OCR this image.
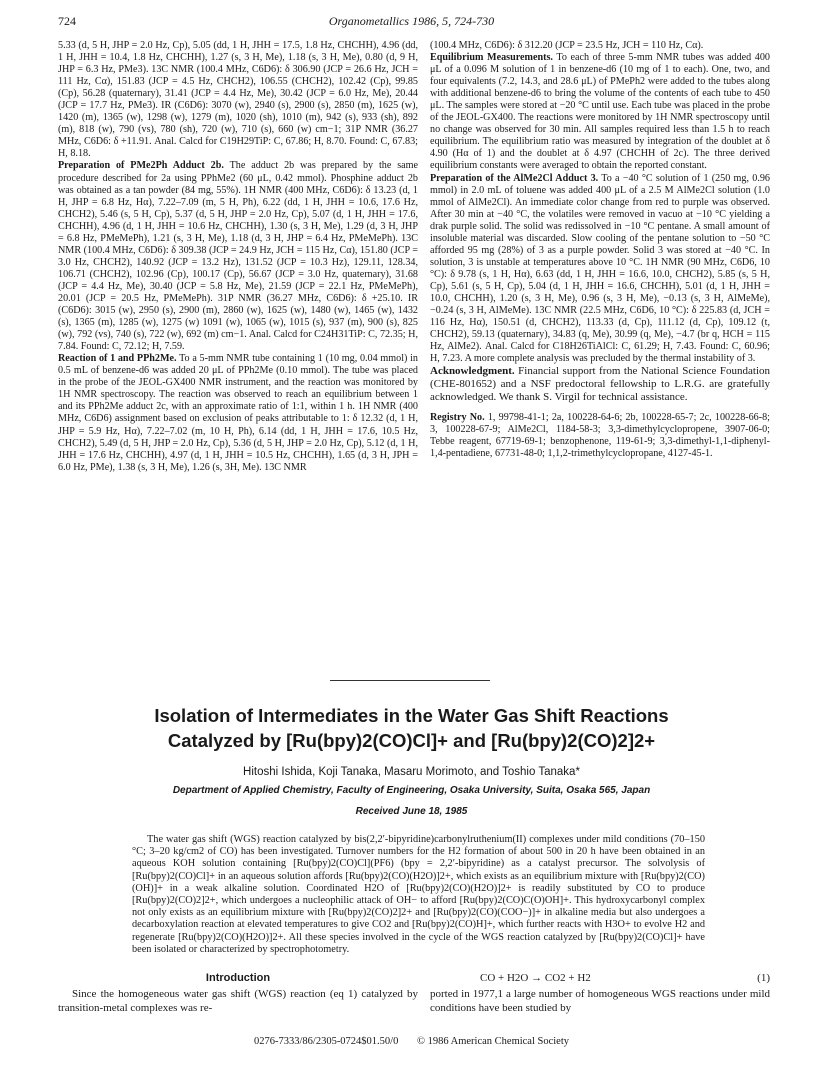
724	Organometallics 1986, 5, 724-730

5.33 (d, 5 H, JHP = 2.0 Hz, Cp), 5.05 (dd, 1 H, JHH = 17.5, 1.8 Hz, CHCHH), 4.96 (dd, 1 H, JHH = 10.4, 1.8 Hz, CHCHH), 1.27 (s, 3 H, Me), 1.18 (s, 3 H, Me), 0.80 (d, 9 H, JHP = 6.3 Hz, PMe3). 13C NMR (100.4 MHz, C6D6): δ 306.90 (JCP = 26.6 Hz, JCH = 111 Hz, Cα), 151.83 (JCP = 4.5 Hz, CHCH2), 106.55 (CHCH2), 102.42 (Cp), 99.85 (Cp), 56.28 (quaternary), 31.41 (JCP = 4.4 Hz, Me), 30.42 (JCP = 6.0 Hz, Me), 20.44 (JCP = 17.7 Hz, PMe3). IR (C6D6): 3070 (w), 2940 (s), 2900 (s), 2850 (m), 1625 (w), 1420 (m), 1365 (w), 1298 (w), 1279 (m), 1020 (sh), 1010 (m), 942 (s), 933 (sh), 892 (m), 818 (w), 790 (vs), 780 (sh), 720 (w), 710 (s), 660 (w) cm−1; 31P NMR (36.27 MHz, C6D6: δ +11.91. Anal. Calcd for C19H29TiP: C, 67.86; H, 8.70. Found: C, 67.83; H, 8.18.

Preparation of PMe2Ph Adduct 2b. The adduct 2b was prepared by the same procedure described for 2a using PPhMe2 (60 μL, 0.42 mmol). Phosphine adduct 2b was obtained as a tan powder (84 mg, 55%). 1H NMR (400 MHz, C6D6): δ 13.23 (d, 1 H, JHP = 6.8 Hz, Hα), 7.22–7.09 (m, 5 H, Ph), 6.22 (dd, 1 H, JHH = 10.6, 17.6 Hz, CHCH2), 5.46 (s, 5 H, Cp), 5.37 (d, 5 H, JHP = 2.0 Hz, Cp), 5.07 (d, 1 H, JHH = 17.6, CHCHH), 4.96 (d, 1 H, JHH = 10.6 Hz, CHCHH), 1.30 (s, 3 H, Me), 1.29 (d, 3 H, JHP = 6.8 Hz, PMeMePh), 1.21 (s, 3 H, Me), 1.18 (d, 3 H, JHP = 6.4 Hz, PMeMePh). 13C NMR (100.4 MHz, C6D6): δ 309.38 (JCP = 24.9 Hz, JCH = 115 Hz, Cα), 151.80 (JCP = 3.0 Hz, CHCH2), 140.92 (JCP = 13.2 Hz), 131.52 (JCP = 10.3 Hz), 129.11, 128.34, 106.71 (CHCH2), 102.96 (Cp), 100.17 (Cp), 56.67 (JCP = 3.0 Hz, quaternary), 31.68 (JCP = 4.4 Hz, Me), 30.40 (JCP = 5.8 Hz, Me), 21.59 (JCP = 22.1 Hz, PMeMePh), 20.01 (JCP = 20.5 Hz, PMeMePh). 31P NMR (36.27 MHz, C6D6): δ +25.10. IR (C6D6): 3015 (w), 2950 (s), 2900 (m), 2860 (w), 1625 (w), 1480 (w), 1465 (w), 1432 (s), 1365 (m), 1285 (w), 1275 (w) 1091 (w), 1065 (w), 1015 (s), 937 (m), 900 (s), 825 (w), 792 (vs), 740 (s), 722 (w), 692 (m) cm−1. Anal. Calcd for C24H31TiP: C, 72.35; H, 7.84. Found: C, 72.12; H, 7.59.

Reaction of 1 and PPh2Me. To a 5-mm NMR tube containing 1 (10 mg, 0.04 mmol) in 0.5 mL of benzene-d6 was added 20 μL of PPh2Me (0.10 mmol). The tube was placed in the probe of the JEOL-GX400 NMR instrument, and the reaction was monitored by 1H NMR spectroscopy. The reaction was observed to reach an equilibrium between 1 and its PPh2Me adduct 2c, with an approximate ratio of 1:1, within 1 h. 1H NMR (400 MHz, C6D6) assignment based on exclusion of peaks attributable to 1: δ 12.32 (d, 1 H, JHP = 5.9 Hz, Hα), 7.22–7.02 (m, 10 H, Ph), 6.14 (dd, 1 H, JHH = 17.6, 10.5 Hz, CHCH2), 5.49 (d, 5 H, JHP = 2.0 Hz, Cp), 5.36 (d, 5 H, JHP = 2.0 Hz, Cp), 5.12 (d, 1 H, JHH = 17.6 Hz, CHCHH), 4.97 (d, 1 H, JHH = 10.5 Hz, CHCHH), 1.65 (d, 3 H, JPH = 6.0 Hz, PMe), 1.38 (s, 3 H, Me), 1.26 (s, 3H, Me). 13C NMR

(100.4 MHz, C6D6): δ 312.20 (JCP = 23.5 Hz, JCH = 110 Hz, Cα).

Equilibrium Measurements. To each of three 5-mm NMR tubes was added 400 μL of a 0.096 M solution of 1 in benzene-d6 (10 mg of 1 to each). One, two, and four equivalents (7.2, 14.3, and 28.6 μL) of PMePh2 were added to the tubes along with additional benzene-d6 to bring the volume of the contents of each tube to 450 μL. The samples were stored at −20 °C until use. Each tube was placed in the probe of the JEOL-GX400. The reactions were monitored by 1H NMR spectroscopy until no change was observed for 30 min. All samples required less than 1.5 h to reach equilibrium. The equilibrium ratio was measured by integration of the doublet at δ 4.90 (Hα of 1) and the doublet at δ 4.97 (CHCHH of 2c). The three derived equilibrium constants were averaged to obtain the reported constant.

Preparation of the AlMe2Cl Adduct 3. To a −40 °C solution of 1 (250 mg, 0.96 mmol) in 2.0 mL of toluene was added 400 μL of a 2.5 M AlMe2Cl solution (1.0 mmol of AlMe2Cl). An immediate color change from red to purple was observed. After 30 min at −40 °C, the volatiles were removed in vacuo at −10 °C yielding a drak purple solid. The solid was redissolved in −10 °C pentane. A small amount of insoluble material was discarded. Slow cooling of the pentane solution to −50 °C afforded 95 mg (28%) of 3 as a purple powder. Solid 3 was stored at −40 °C. In solution, 3 is unstable at temperatures above 10 °C. 1H NMR (90 MHz, C6D6, 10 °C): δ 9.78 (s, 1 H, Hα), 6.63 (dd, 1 H, JHH = 16.6, 10.0, CHCH2), 5.85 (s, 5 H, Cp), 5.61 (s, 5 H, Cp), 5.04 (d, 1 H, JHH = 16.6, CHCHH), 5.01 (d, 1 H, JHH = 10.0, CHCHH), 1.20 (s, 3 H, Me), 0.96 (s, 3 H, Me), −0.13 (s, 3 H, AlMeMe), −0.24 (s, 3 H, AlMeMe). 13C NMR (22.5 MHz, C6D6, 10 °C): δ 225.83 (d, JCH = 116 Hz, Hα), 150.51 (d, CHCH2), 113.33 (d, Cp), 111.12 (d, Cp), 109.12 (t, CHCH2), 59.13 (quaternary), 34.83 (q, Me), 30.99 (q, Me), −4.7 (br q, HCH = 115 Hz, AlMe2). Anal. Calcd for C18H26TiAlCl: C, 61.29; H, 7.43. Found: C, 60.96; H, 7.23. A more complete analysis was precluded by the thermal instability of 3.

Acknowledgment. Financial support from the National Science Foundation (CHE-801652) and a NSF predoctoral fellowship to L.R.G. are gratefully acknowledged. We thank S. Virgil for technical assistance.

Registry No. 1, 99798-41-1; 2a, 100228-64-6; 2b, 100228-65-7; 2c, 100228-66-8; 3, 100228-67-9; AlMe2Cl, 1184-58-3; 3,3-dimethylcyclopropene, 3907-06-0; Tebbe reagent, 67719-69-1; benzophenone, 119-61-9; 3,3-dimethyl-1,1-diphenyl-1,4-pentadiene, 67731-48-0; 1,1,2-trimethylcyclopropane, 4127-45-1.

Isolation of Intermediates in the Water Gas Shift Reactions
Catalyzed by [Ru(bpy)2(CO)Cl]+ and [Ru(bpy)2(CO)2]2+
Hitoshi Ishida, Koji Tanaka, Masaru Morimoto, and Toshio Tanaka*
Department of Applied Chemistry, Faculty of Engineering, Osaka University, Suita, Osaka 565, Japan
Received June 18, 1985
The water gas shift (WGS) reaction catalyzed by bis(2,2′-bipyridine)carbonylruthenium(II) complexes under mild conditions (70–150 °C; 3–20 kg/cm2 of CO) has been investigated. Turnover numbers for the H2 formation of about 500 in 20 h have been obtained in an aqueous KOH solution containing [Ru(bpy)2(CO)Cl](PF6) (bpy = 2,2′-bipyridine) as a catalyst precursor. The solvolysis of [Ru(bpy)2(CO)Cl]+ in an aqueous solution affords [Ru(bpy)2(CO)(H2O)]2+, which exists as an equilibrium mixture with [Ru(bpy)2(CO)(OH)]+ in a weak alkaline solution. Coordinated H2O of [Ru(bpy)2(CO)(H2O)]2+ is readily substituted by CO to produce [Ru(bpy)2(CO)2]2+, which undergoes a nucleophilic attack of OH− to afford [Ru(bpy)2(CO)C(O)OH]+. This hydroxycarbonyl complex not only exists as an equilibrium mixture with [Ru(bpy)2(CO)2]2+ and [Ru(bpy)2(CO)(COO−)]+ in alkaline media but also undergoes a decarboxylation reaction at elevated temperatures to give CO2 and [Ru(bpy)2(CO)H]+, which further reacts with H3O+ to evolve H2 and regenerate [Ru(bpy)2(CO)(H2O)]2+. All these species involved in the cycle of the WGS reaction catalyzed by [Ru(bpy)2(CO)Cl]+ have been isolated or characterized by spectrophotometry.
Introduction
Since the homogeneous water gas shift (WGS) reaction (eq 1) catalyzed by transition-metal complexes was re-
CO + H2O → CO2 + H2	(1)
ported in 1977,1 a large number of homogeneous WGS reactions under mild conditions have been studied by
0276-7333/86/2305-0724$01.50/0 © 1986 American Chemical Society
